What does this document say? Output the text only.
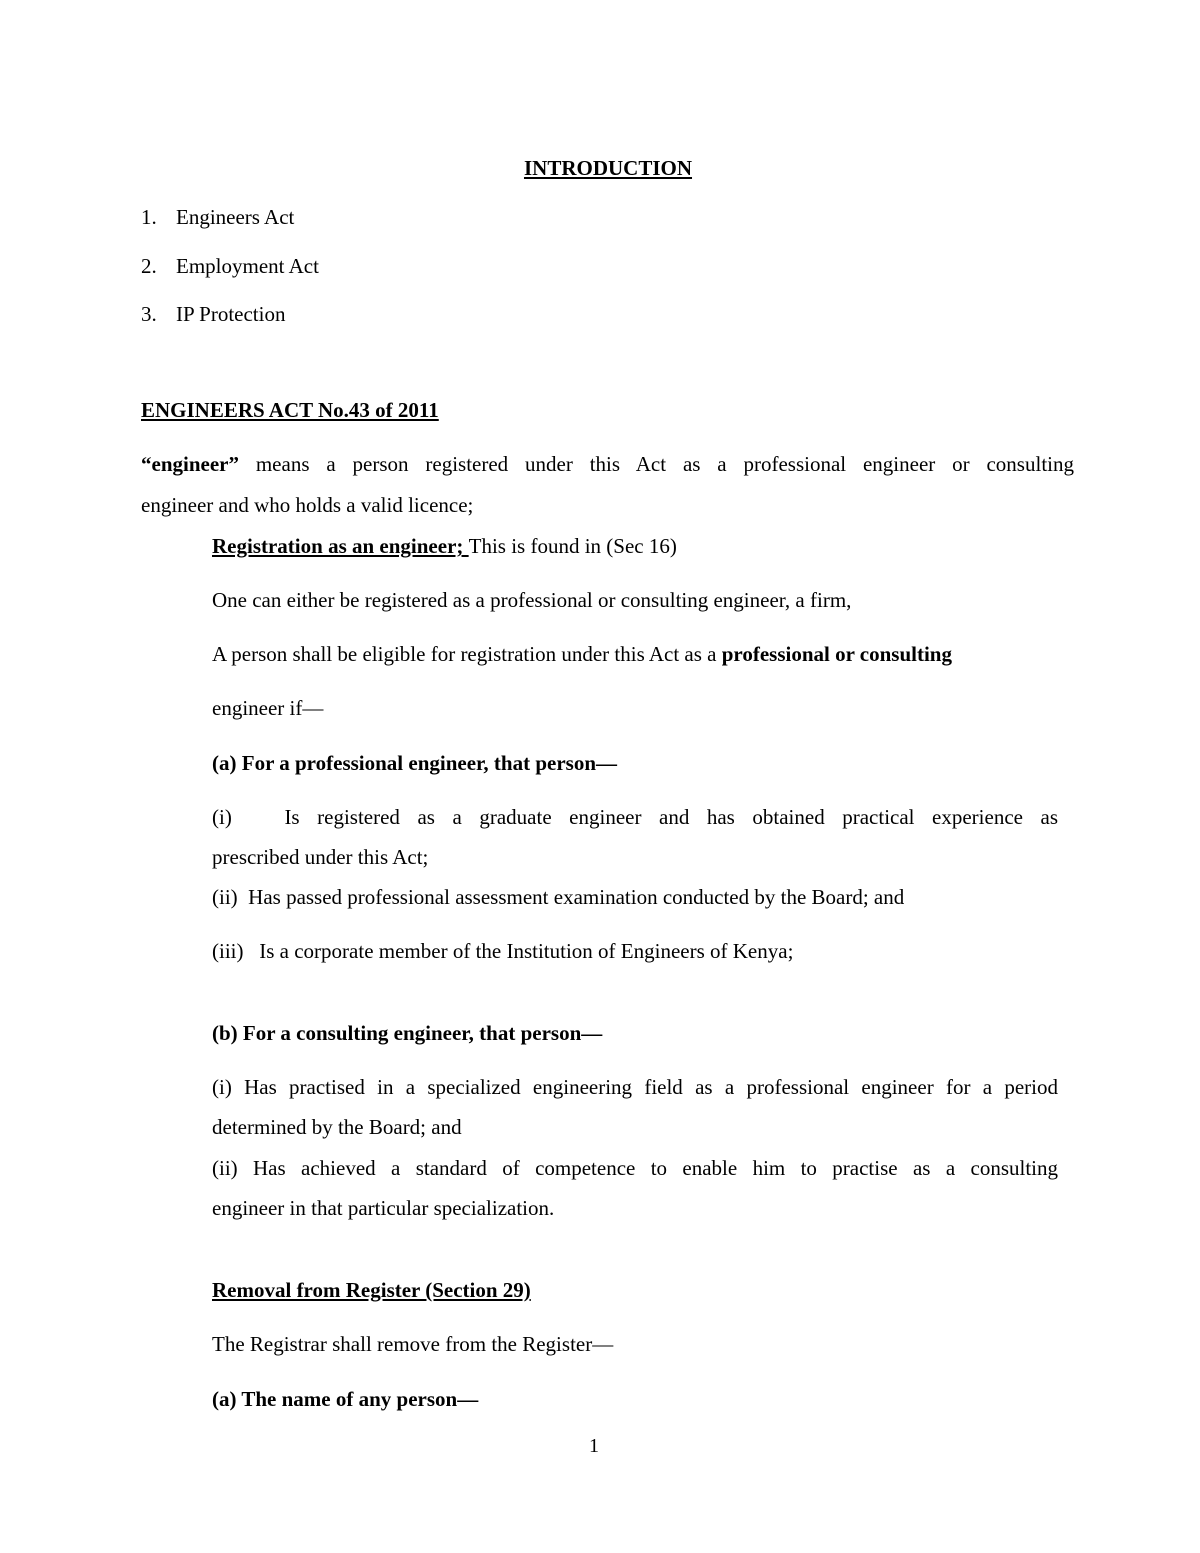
INTRODUCTION
1. Engineers Act
2. Employment Act
3. IP Protection
ENGINEERS ACT No.43 of 2011
“engineer” means a person registered under this Act as a professional engineer or consulting
engineer and who holds a valid licence;
Registration as an engineer; This is found in (Sec 16)
One can either be registered as a professional or consulting engineer, a firm,
A person shall be eligible for registration under this Act as a professional or consulting
engineer if—
(a) For a professional engineer, that person—
(i)	Is registered as a graduate engineer and has obtained practical experience as
prescribed under this Act;
(ii) Has passed professional assessment examination conducted by the Board; and
(iii) Is a corporate member of the Institution of Engineers of Kenya;
(b) For a consulting engineer, that person—
(i) Has practised in a specialized engineering field as a professional engineer for a period
determined by the Board; and
(ii) Has achieved a standard of competence to enable him to practise as a consulting
engineer in that particular specialization.
Removal from Register (Section 29)
The Registrar shall remove from the Register—
(a) The name of any person—
1
